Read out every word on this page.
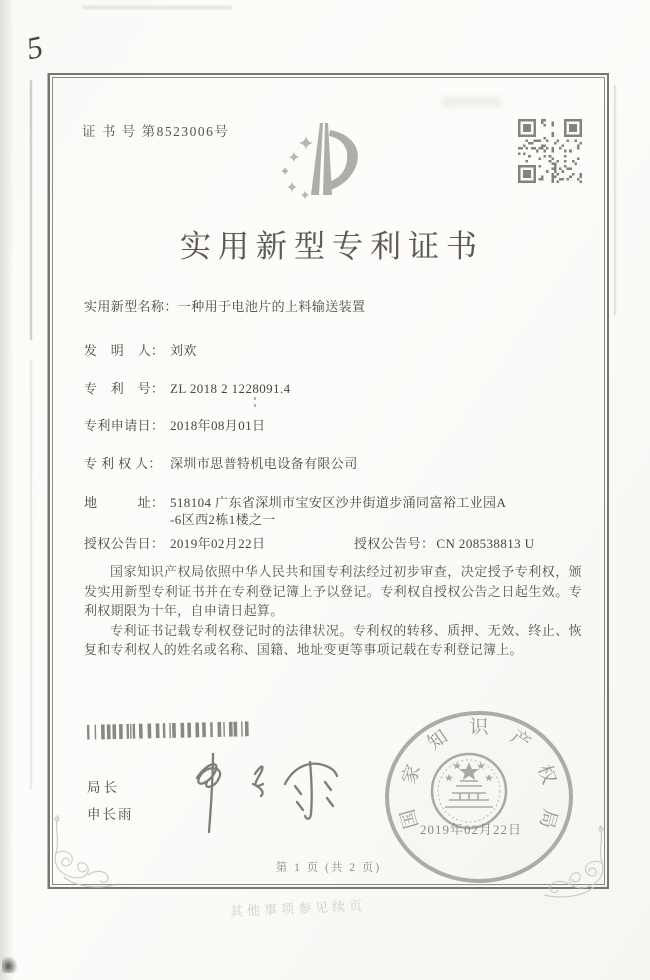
5
其他事项参见续页
证 书 号 第8523006号
实用新型专利证书
实用新型名称： 一种用于电池片的上料输送装置
发　明　人： 刘欢
专　利　号： ZL 2018 2 1228091.4
专利申请日： 2018年08月01日
专 利 权 人： 深圳市思普特机电设备有限公司
地　　　址： 518104 广东省深圳市宝安区沙井街道步涌同富裕工业园A
-6区西2栋1楼之一
授权公告日： 2019年02月22日	授权公告号： CN 208538813 U

国家知识产权局依照中华人民共和国专利法经过初步审查，决定授予专利权，颁发实用新型专利证书并在专利登记簿上予以登记。专利权自授权公告之日起生效。专利权期限为十年，自申请日起算。

专利证书记载专利权登记时的法律状况。专利权的转移、质押、无效、终止、恢复和专利权人的姓名或名称、国籍、地址变更等事项记载在专利登记簿上。

局长
申长雨	国
家
知 识 产
权
局
2019年02月22日
第 1 页 (共 2 页)
